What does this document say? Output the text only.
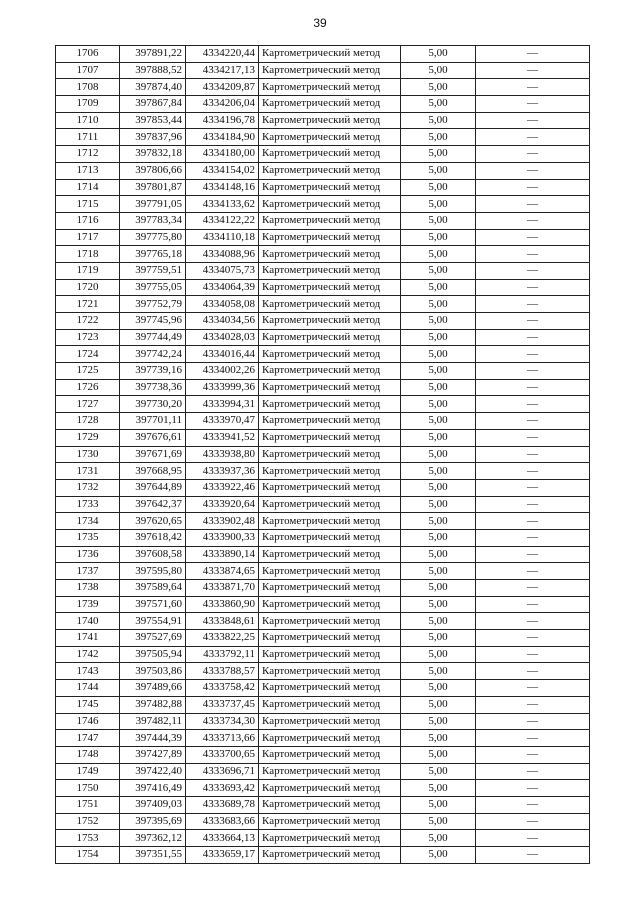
39
1706	397891,22	4334220,44	Картометрический метод	5,00	—
1707	397888,52	4334217,13	Картометрический метод	5,00	—
1708	397874,40	4334209,87	Картометрический метод	5,00	—
1709	397867,84	4334206,04	Картометрический метод	5,00	—
1710	397853,44	4334196,78	Картометрический метод	5,00	—
1711	397837,96	4334184,90	Картометрический метод	5,00	—
1712	397832,18	4334180,00	Картометрический метод	5,00	—
1713	397806,66	4334154,02	Картометрический метод	5,00	—
1714	397801,87	4334148,16	Картометрический метод	5,00	—
1715	397791,05	4334133,62	Картометрический метод	5,00	—
1716	397783,34	4334122,22	Картометрический метод	5,00	—
1717	397775,80	4334110,18	Картометрический метод	5,00	—
1718	397765,18	4334088,96	Картометрический метод	5,00	—
1719	397759,51	4334075,73	Картометрический метод	5,00	—
1720	397755,05	4334064,39	Картометрический метод	5,00	—
1721	397752,79	4334058,08	Картометрический метод	5,00	—
1722	397745,96	4334034,56	Картометрический метод	5,00	—
1723	397744,49	4334028,03	Картометрический метод	5,00	—
1724	397742,24	4334016,44	Картометрический метод	5,00	—
1725	397739,16	4334002,26	Картометрический метод	5,00	—
1726	397738,36	4333999,36	Картометрический метод	5,00	—
1727	397730,20	4333994,31	Картометрический метод	5,00	—
1728	397701,11	4333970,47	Картометрический метод	5,00	—
1729	397676,61	4333941,52	Картометрический метод	5,00	—
1730	397671,69	4333938,80	Картометрический метод	5,00	—
1731	397668,95	4333937,36	Картометрический метод	5,00	—
1732	397644,89	4333922,46	Картометрический метод	5,00	—
1733	397642,37	4333920,64	Картометрический метод	5,00	—
1734	397620,65	4333902,48	Картометрический метод	5,00	—
1735	397618,42	4333900,33	Картометрический метод	5,00	—
1736	397608,58	4333890,14	Картометрический метод	5,00	—
1737	397595,80	4333874,65	Картометрический метод	5,00	—
1738	397589,64	4333871,70	Картометрический метод	5,00	—
1739	397571,60	4333860,90	Картометрический метод	5,00	—
1740	397554,91	4333848,61	Картометрический метод	5,00	—
1741	397527,69	4333822,25	Картометрический метод	5,00	—
1742	397505,94	4333792,11	Картометрический метод	5,00	—
1743	397503,86	4333788,57	Картометрический метод	5,00	—
1744	397489,66	4333758,42	Картометрический метод	5,00	—
1745	397482,88	4333737,45	Картометрический метод	5,00	—
1746	397482,11	4333734,30	Картометрический метод	5,00	—
1747	397444,39	4333713,66	Картометрический метод	5,00	—
1748	397427,89	4333700,65	Картометрический метод	5,00	—
1749	397422,40	4333696,71	Картометрический метод	5,00	—
1750	397416,49	4333693,42	Картометрический метод	5,00	—
1751	397409,03	4333689,78	Картометрический метод	5,00	—
1752	397395,69	4333683,66	Картометрический метод	5,00	—
1753	397362,12	4333664,13	Картометрический метод	5,00	—
1754	397351,55	4333659,17	Картометрический метод	5,00	—
